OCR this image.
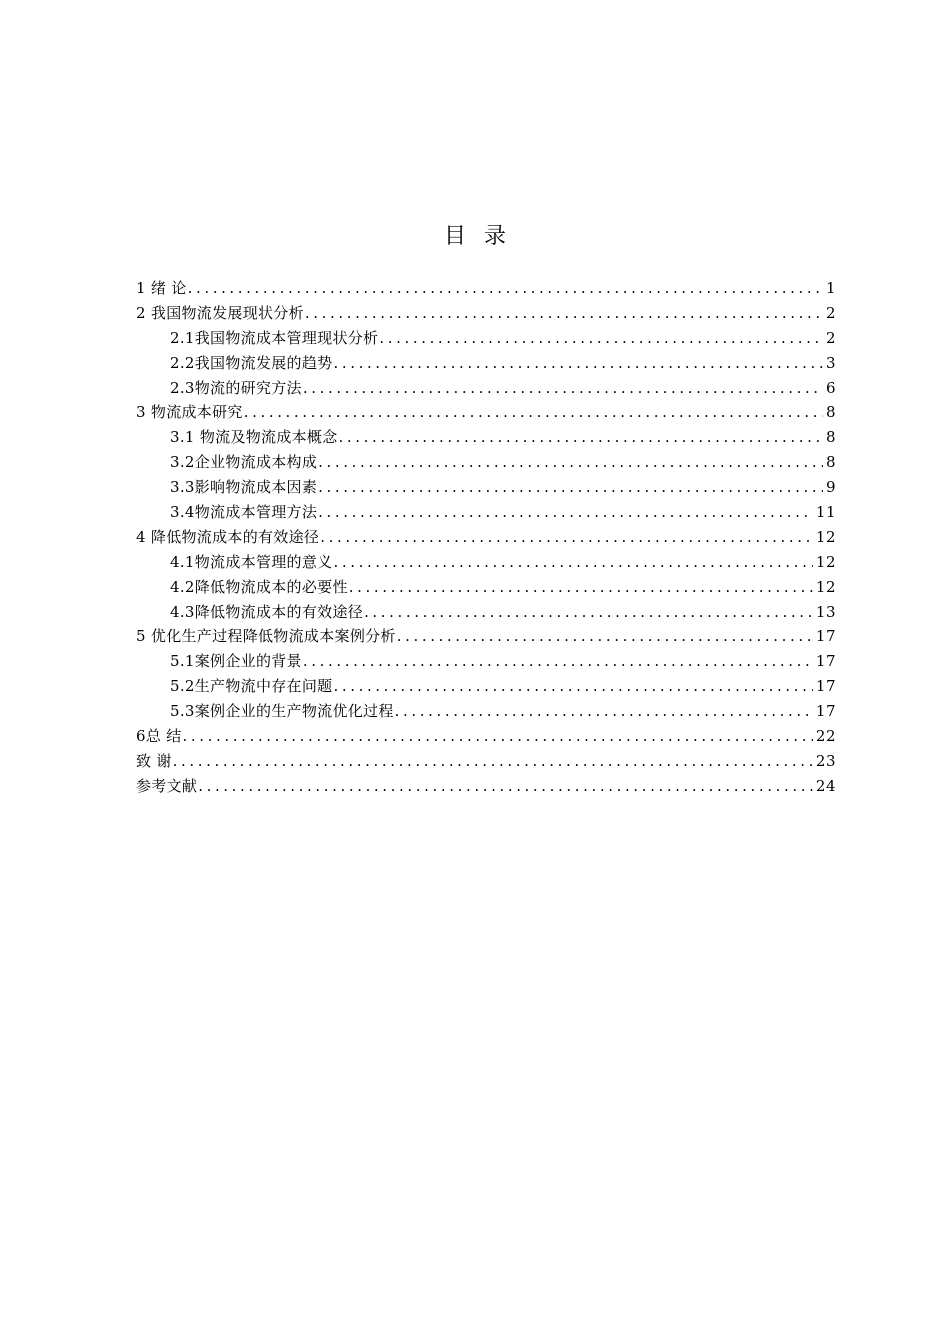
目录
1 绪 论 .....	1
2 我国物流发展现状分析 .....	2
2.1我国物流成本管理现状分析 .....	2
2.2我国物流发展的趋势 .....	3
2.3物流的研究方法 .....	6
3 物流成本研究 .....	8
3.1 物流及物流成本概念 .....	8
3.2企业物流成本构成 .....	8
3.3影响物流成本因素 .....	9
3.4物流成本管理方法 .....	11
4 降低物流成本的有效途径 .....	12
4.1物流成本管理的意义 .....	12
4.2降低物流成本的必要性 .....	12
4.3降低物流成本的有效途径 .....	13
5 优化生产过程降低物流成本案例分析 .....	17
5.1案例企业的背景 .....	17
5.2生产物流中存在问题 .....	17
5.3案例企业的生产物流优化过程 .....	17
6总 结 .....	22
致 谢 .....	23
参考文献 .....	24
